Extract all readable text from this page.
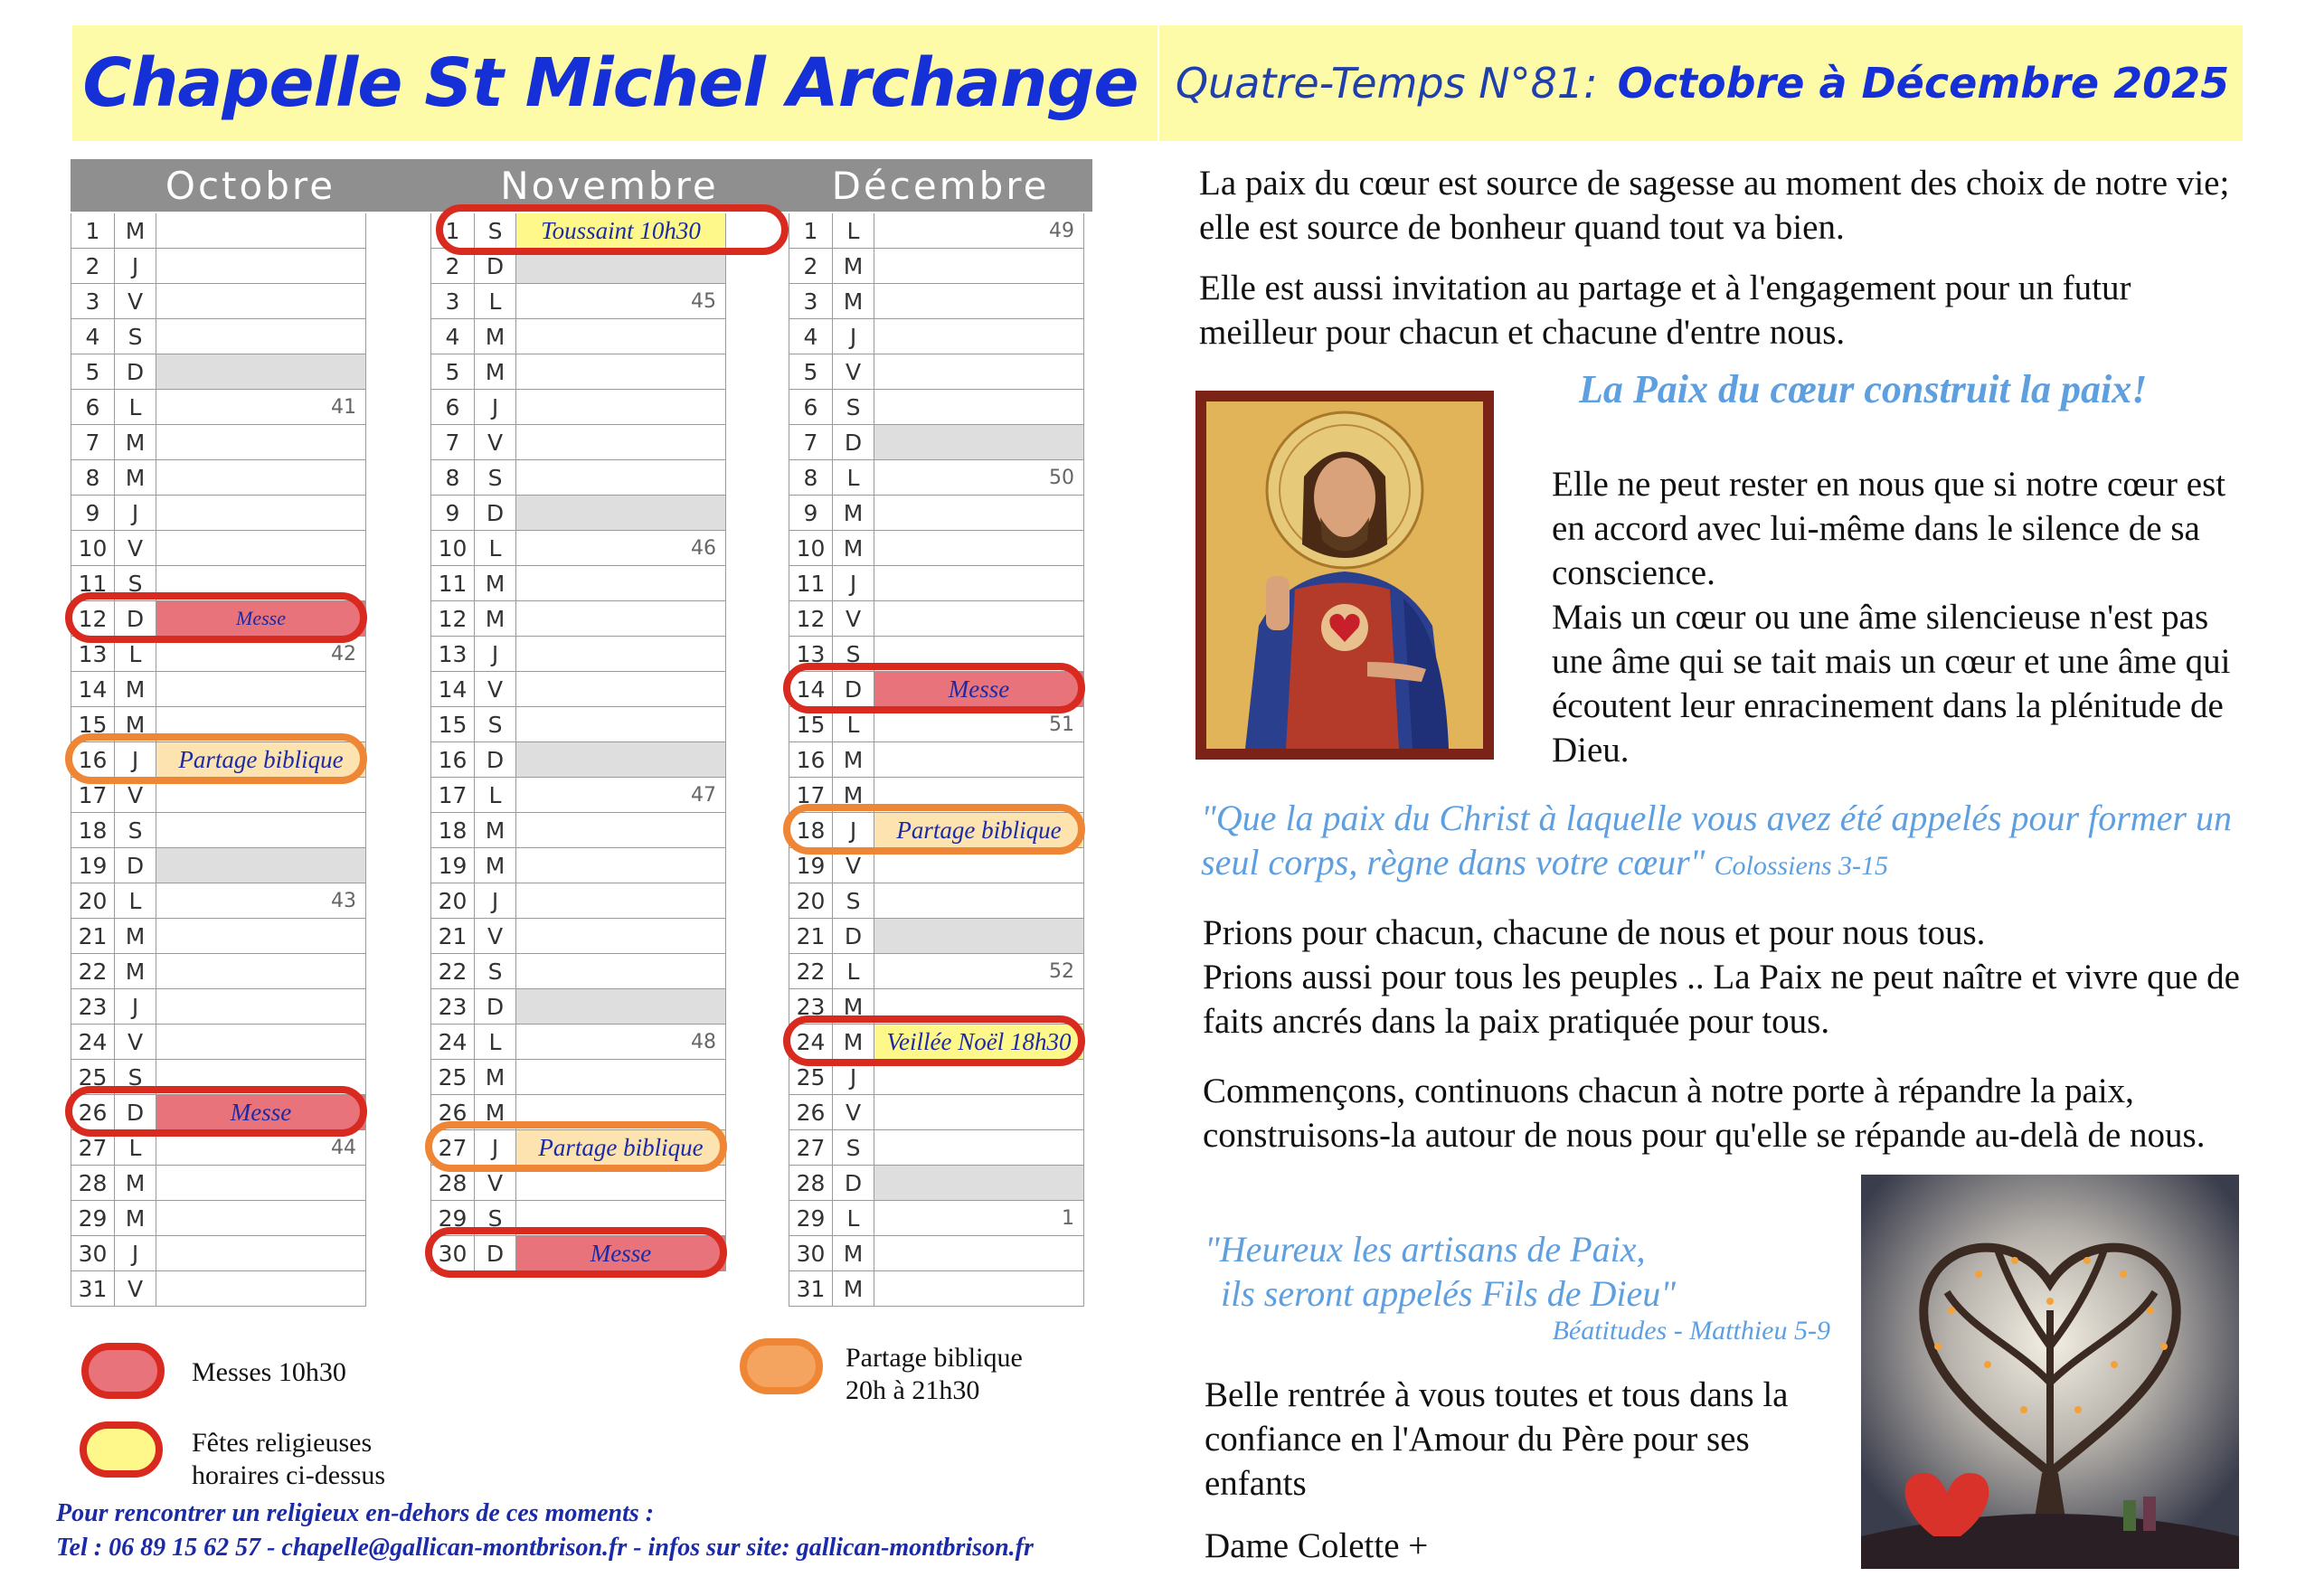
Chapelle St Michel Archange Quatre-Temps N°81: Octobre à Décembre 2025
Octobre
1	M
2	J
3	V
4	S
5	D
6	L	41
7	M
8	M
9	J
10 V
11 S
12 D	Messe
13 L	42
14 M
15 M
16	J	Partage biblique
17 V
18 S
19 D
20 L	43
21 M
22 M
23	J
24 V
25 S
26 D	Messe
27 L	44
28 M
29 M
30	J
31 V
Novembre
1	S	Toussaint 10h30
2	D
3	L	45
4	M
5	M
6	J
7	V
8	S
9	D
10 L	46
11 M
12 M
13	J
14 V
15 S
16 D
17 L	47
18 M
19 M
20	J
21 V
22 S
23 D
24 L	48
25 M
26 M
27	J	Partage biblique
28 V
29 S
30 D	Messe
Décembre
1	L	49
2	M
3	M
4	J
5	V
6	S
7	D
8	L	50
9	M
10 M
11	J
12 V
13 S
14 D	Messe
15 L	51
16 M
17 M
18	J	Partage biblique
19 V
20 S
21 D
22 L	52
23 M
24 M Veillée Noël 18h30
25	J
26 V
27 S
28 D
29 L	1
30 M
31 M
Messes 10h30
Fêtes religieuses
horaires ci-dessus
Partage biblique
20h à 21h30
Pour rencontrer un religieux en-dehors de ces moments :
Tel : 06 89 15 62 57 - chapelle@gallican-montbrison.fr - infos sur site: gallican-montbrison.fr
La paix du cœur est source de sagesse au moment des choix de notre vie; elle est source de bonheur quand tout va bien.
Elle est aussi invitation au partage et à l'engagement pour un futur meilleur pour chacun et chacune d'entre nous.
La Paix du cœur construit la paix!
Elle ne peut rester en nous que si notre cœur est en accord avec lui-même dans le silence de sa conscience.
Mais un cœur ou une âme silencieuse n'est pas une âme qui se tait mais un cœur et une âme qui écoutent leur enracinement dans la plénitude de Dieu.
"Que la paix du Christ à laquelle vous avez été appelés pour former un seul corps, règne dans votre cœur" Colossiens 3-15
Prions pour chacun, chacune de nous et pour nous tous.
Prions aussi pour tous les peuples .. La Paix ne peut naître et vivre que de faits ancrés dans la paix pratiquée pour tous.
Commençons, continuons chacun à notre porte à répandre la paix, construisons-la autour de nous pour qu'elle se répande au-delà de nous.
"Heureux les artisans de Paix,
ils seront appelés Fils de Dieu"
Béatitudes - Matthieu 5-9
Belle rentrée à vous toutes et tous dans la confiance en l'Amour du Père pour ses enfants
Dame Colette +
